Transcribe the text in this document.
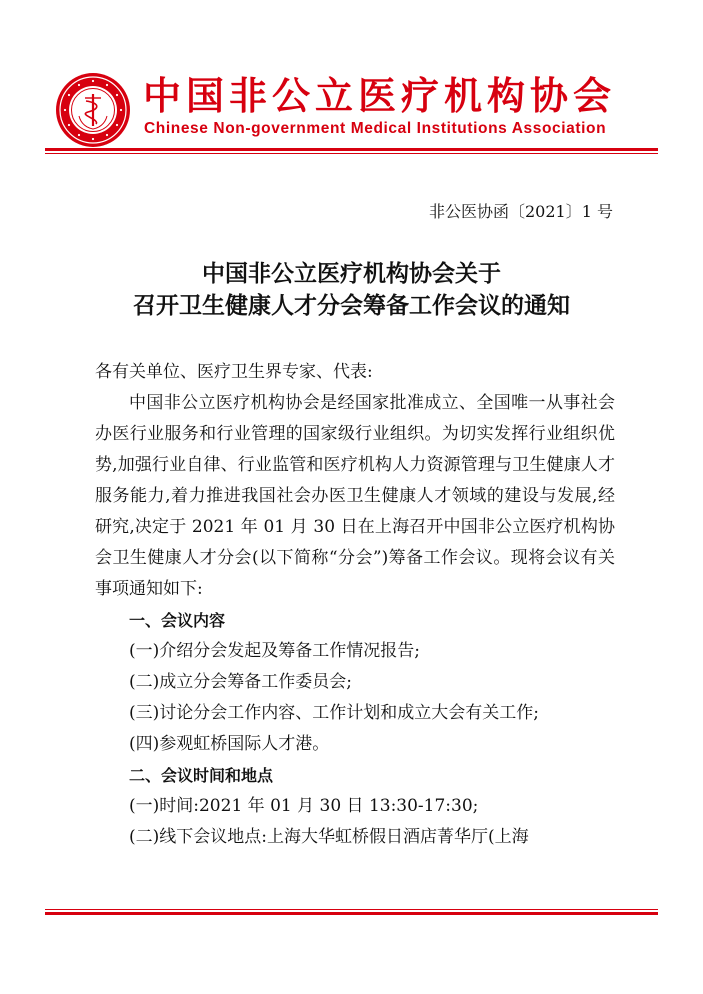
中国非公立医疗机构协会
Chinese Non-government Medical Institutions Association
非公医协函〔2021〕1 号
中国非公立医疗机构协会关于
召开卫生健康人才分会筹备工作会议的通知

各有关单位、医疗卫生界专家、代表:

中国非公立医疗机构协会是经国家批准成立、全国唯一从事社会办医行业服务和行业管理的国家级行业组织。为切实发挥行业组织优势,加强行业自律、行业监管和医疗机构人力资源管理与卫生健康人才服务能力,着力推进我国社会办医卫生健康人才领域的建设与发展,经研究,决定于 2021 年 01 月 30 日在上海召开中国非公立医疗机构协会卫生健康人才分会(以下简称“分会”)筹备工作会议。现将会议有关事项通知如下:

一、会议内容

(一)介绍分会发起及筹备工作情况报告;

(二)成立分会筹备工作委员会;

(三)讨论分会工作内容、工作计划和成立大会有关工作;

(四)参观虹桥国际人才港。

二、会议时间和地点

(一)时间:2021 年 01 月 30 日 13:30-17:30;

(二)线下会议地点:上海大华虹桥假日酒店菁华厅(上海
